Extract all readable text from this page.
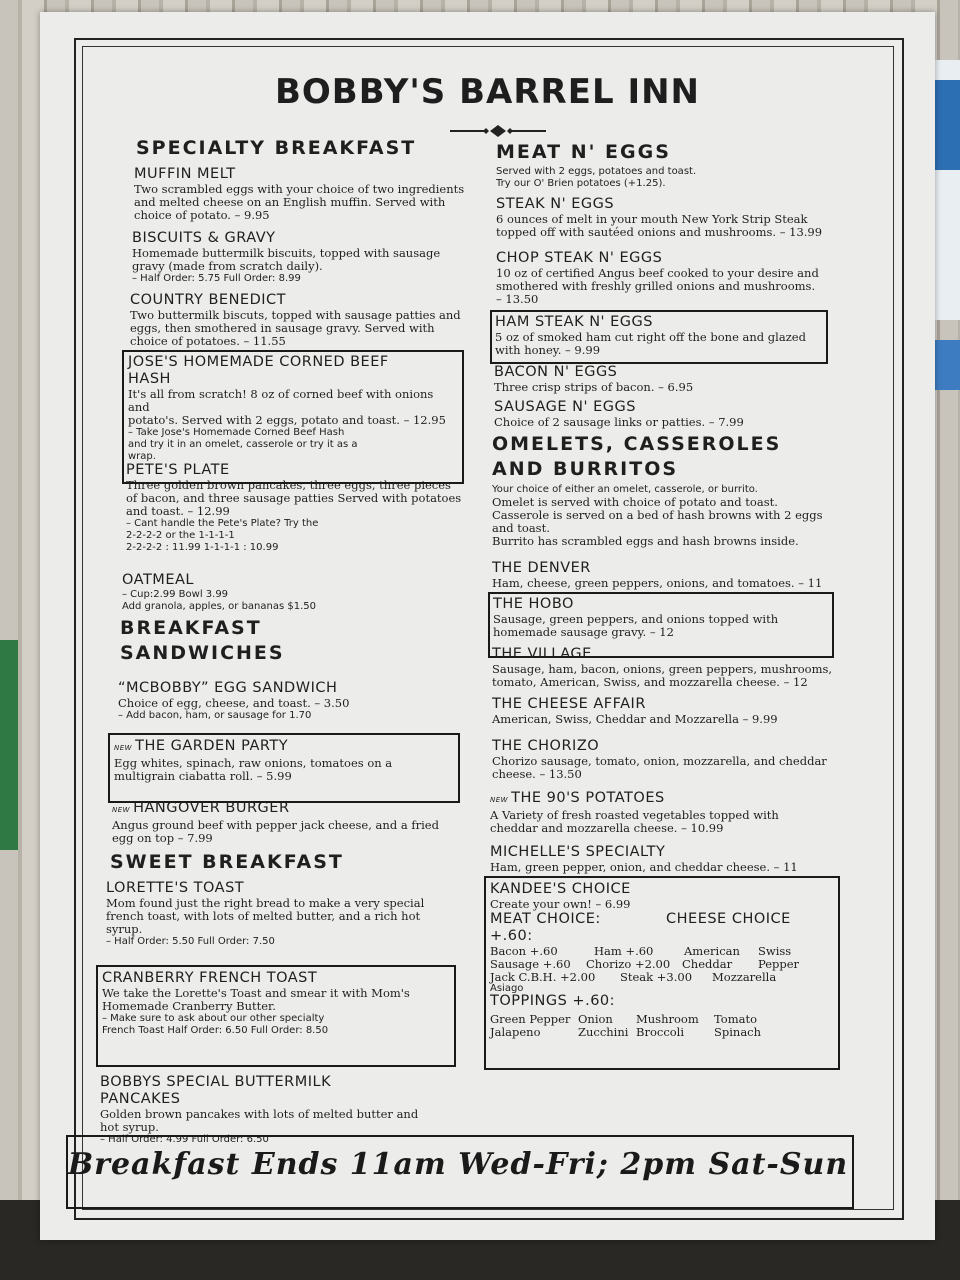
BOBBY'S BARREL INN
SPECIALTY BREAKFAST
MUFFIN MELT
Two scrambled eggs with your choice of two ingredients
and melted cheese on an English muffin. Served with
choice of potato. – 9.95
BISCUITS & GRAVY
Homemade buttermilk biscuits, topped with sausage
gravy (made from scratch daily).
– Half Order: 5.75 Full Order: 8.99
COUNTRY BENEDICT
Two buttermilk biscuts, topped with sausage patties and
eggs, then smothered in sausage gravy. Served with
choice of potatoes. – 11.55
JOSE'S HOMEMADE CORNED BEEF
HASH
It's all from scratch! 8 oz of corned beef with onions and
potato's. Served with 2 eggs, potato and toast. – 12.95
– Take Jose's Homemade Corned Beef Hash
and try it in an omelet, casserole or try it as a
wrap.
PETE'S PLATE
Three golden brown pancakes, three eggs, three pieces
of bacon, and three sausage patties Served with potatoes
and toast. – 12.99
– Cant handle the Pete's Plate? Try the
2-2-2-2 or the 1-1-1-1
2-2-2-2 : 11.99 1-1-1-1 : 10.99
OATMEAL
– Cup:2.99 Bowl 3.99
Add granola, apples, or bananas $1.50
BREAKFAST
SANDWICHES
“MCBOBBY” EGG SANDWICH
Choice of egg, cheese, and toast. – 3.50
– Add bacon, ham, or sausage for 1.70
NEW THE GARDEN PARTY
Egg whites, spinach, raw onions, tomatoes on a
multigrain ciabatta roll. – 5.99
NEW HANGOVER BURGER
Angus ground beef with pepper jack cheese, and a fried
egg on top – 7.99
SWEET BREAKFAST
LORETTE'S TOAST
Mom found just the right bread to make a very special
french toast, with lots of melted butter, and a rich hot
syrup.
– Half Order: 5.50 Full Order: 7.50
CRANBERRY FRENCH TOAST
We take the Lorette's Toast and smear it with Mom's
Homemade Cranberry Butter.
– Make sure to ask about our other specialty
French Toast Half Order: 6.50 Full Order: 8.50
BOBBYS SPECIAL BUTTERMILK
PANCAKES
Golden brown pancakes with lots of melted butter and
hot syrup.
– Half Order: 4.99 Full Order: 6.50
MEAT N' EGGS
Served with 2 eggs, potatoes and toast.
Try our O' Brien potatoes (+1.25).
STEAK N' EGGS
6 ounces of melt in your mouth New York Strip Steak
topped off with sautéed onions and mushrooms. – 13.99
CHOP STEAK N' EGGS
10 oz of certified Angus beef cooked to your desire and
smothered with freshly grilled onions and mushrooms.
– 13.50
HAM STEAK N' EGGS
5 oz of smoked ham cut right off the bone and glazed
with honey. – 9.99
BACON N' EGGS
Three crisp strips of bacon. – 6.95
SAUSAGE N' EGGS
Choice of 2 sausage links or patties. – 7.99
OMELETS, CASSEROLES
AND BURRITOS
Your choice of either an omelet, casserole, or burrito.
Omelet is served with choice of potato and toast.
Casserole is served on a bed of hash browns with 2 eggs
and toast.
Burrito has scrambled eggs and hash browns inside.
THE DENVER
Ham, cheese, green peppers, onions, and tomatoes. – 11
THE HOBO
Sausage, green peppers, and onions topped with
homemade sausage gravy. – 12
THE VILLAGE
Sausage, ham, bacon, onions, green peppers, mushrooms,
tomato, American, Swiss, and mozzarella cheese. – 12
THE CHEESE AFFAIR
American, Swiss, Cheddar and Mozzarella – 9.99
THE CHORIZO
Chorizo sausage, tomato, onion, mozzarella, and cheddar
cheese. – 13.50
NEW THE 90'S POTATOES
A Variety of fresh roasted vegetables topped with
cheddar and mozzarella cheese. – 10.99
MICHELLE'S SPECIALTY
Ham, green pepper, onion, and cheddar cheese. – 11
KANDEE'S CHOICE
Create your own! – 6.99
MEAT CHOICE:	CHEESE CHOICE
+.60:
Bacon +.60	Ham +.60	American	Swiss
Sausage +.60	Chorizo +2.00	Cheddar	Pepper
Jack C.B.H. +2.00	Steak +3.00	Mozzarella
Asiago
TOPPINGS +.60:
Green Pepper Onion	Mushroom	Tomato
Jalapeno	Zucchini Broccoli	Spinach
Breakfast Ends 11am Wed-Fri; 2pm Sat-Sun
